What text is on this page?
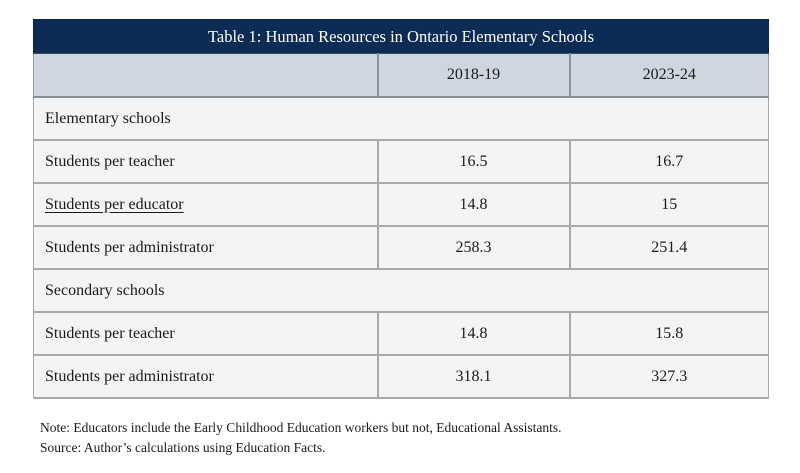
Table 1: Human Resources in Ontario Elementary Schools		
	2018-19	2023-24
Elementary schools		
Students per teacher	16.5	16.7
Students per educator	14.8	15
Students per administrator	258.3	251.4
Secondary schools		
Students per teacher	14.8	15.8
Students per administrator	318.1	327.3
Note: Educators include the Early Childhood Education workers but not, Educational Assistants.
Source: Author’s calculations using Education Facts.
